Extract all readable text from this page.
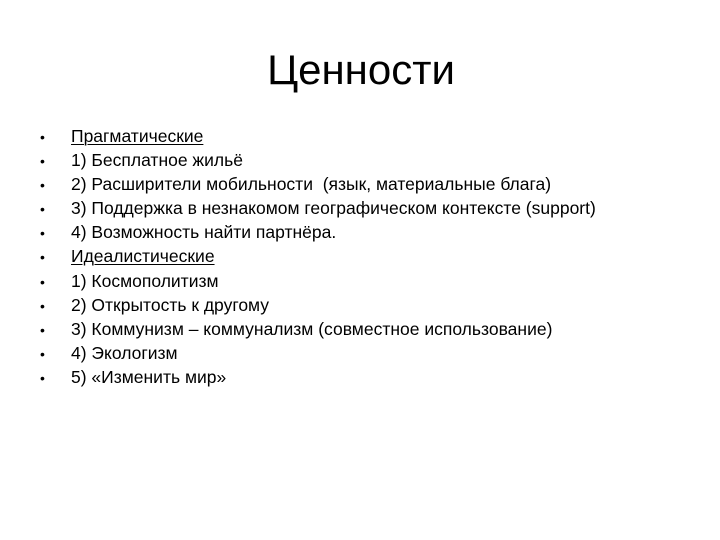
Ценности
•	Прагматические
•	1) Бесплатное жильё
•	2) Расширители мобильности  (язык, материальные блага)
•	3) Поддержка в незнакомом географическом контексте (support)
•	4) Возможность найти партнёра.
•	Идеалистические
•	1) Космополитизм
•	2) Открытость к другому
•	3) Коммунизм – коммунализм (совместное использование)
•	4) Экологизм
•	5) «Изменить мир»
